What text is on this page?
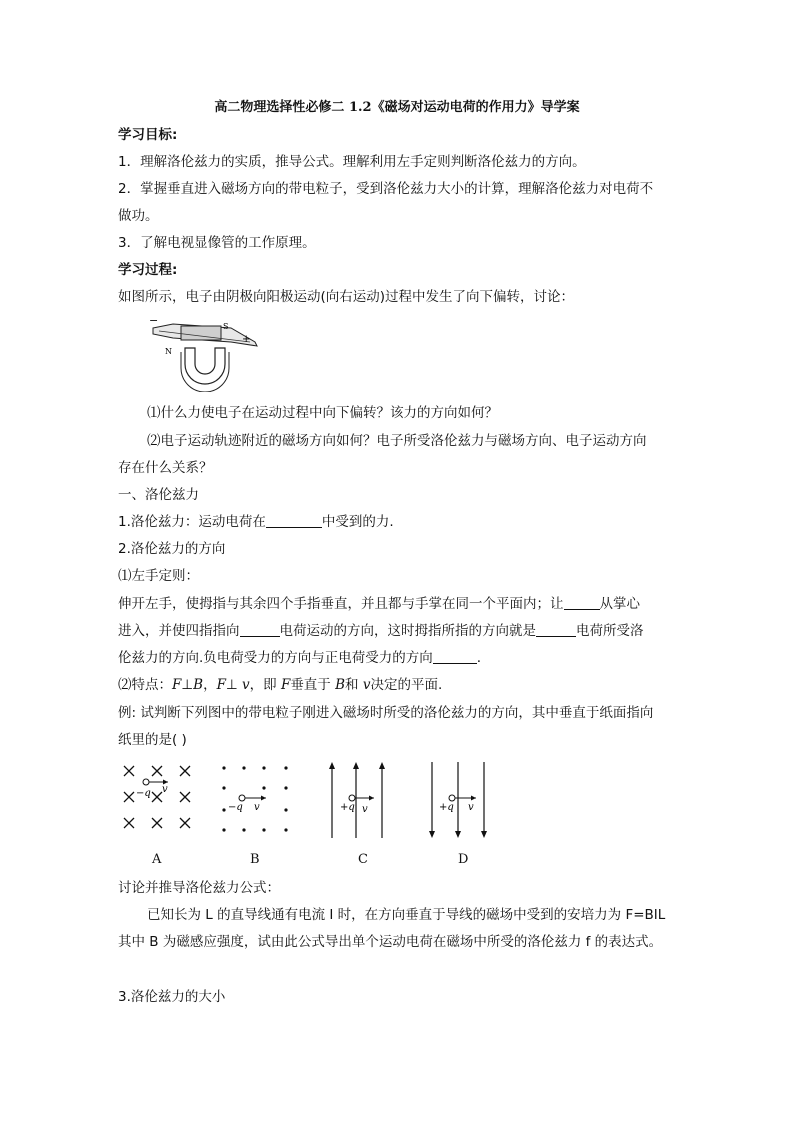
高二物理选择性必修二 1.2《磁场对运动电荷的作用力》导学案
学习目标:
1．理解洛伦兹力的实质，推导公式。理解利用左手定则判断洛伦兹力的方向。
2．掌握垂直进入磁场方向的带电粒子，受到洛伦兹力大小的计算，理解洛伦兹力对电荷不
做功。
3．了解电视显像管的工作原理。
学习过程:
如图所示，电子由阴极向阳极运动(向右运动)过程中发生了向下偏转，讨论：
−
+
N
S
⑴什么力使电子在运动过程中向下偏转？该力的方向如何？
⑵电子运动轨迹附近的磁场方向如何？电子所受洛伦兹力与磁场方向、电子运动方向
存在什么关系？
一、洛伦兹力
1.洛伦兹力：运动电荷在	中受到的力.
2.洛伦兹力的方向
⑴左手定则：
伸开左手，使拇指与其余四个手指垂直，并且都与手掌在同一个平面内；让	从掌心
进入，并使四指指向	电荷运动的方向，这时拇指所指的方向就是	电荷所受洛
伦兹力的方向.负电荷受力的方向与正电荷受力的方向	.
⑵特点：F⊥B，F⊥ v，即 F垂直于 B和 v决定的平面.
例: 试判断下列图中的带电粒子刚进入磁场时所受的洛伦兹力的方向，其中垂直于纸面指向
纸里的是( )
−q v
−q v	+q v	+q v
A	B	C	D
讨论并推导洛伦兹力公式：
已知长为 L 的直导线通有电流 I 时，在方向垂直于导线的磁场中受到的安培力为 F=BIL
其中 B 为磁感应强度，试由此公式导出单个运动电荷在磁场中所受的洛伦兹力 f 的表达式。
3.洛伦兹力的大小
